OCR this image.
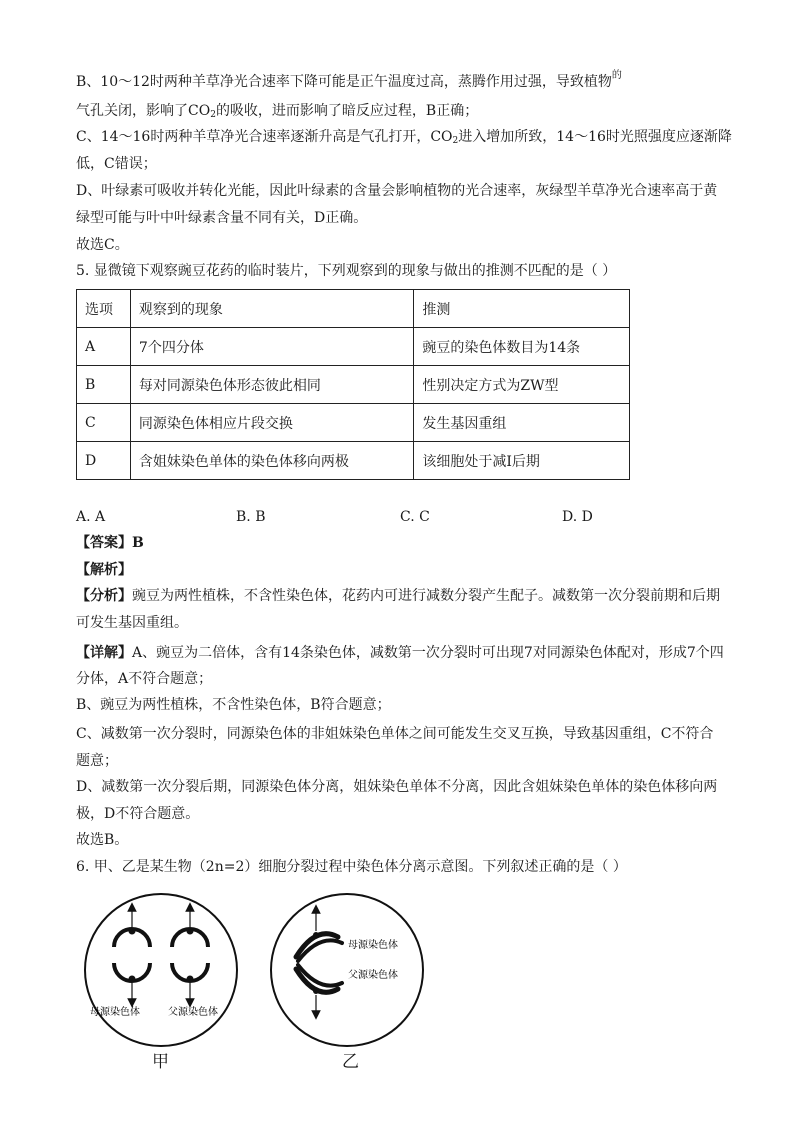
B、10～12时两种羊草净光合速率下降可能是正午温度过高，蒸腾作用过强，导致植物$^的$
气孔关闭，影响了$CO_2$的吸收，进而影响了暗反应过程，B正确；
C、14～16时两种羊草净光合速率逐渐升高是气孔打开，$CO_2$进入增加所致，14～16时光照强度应逐渐降
低，C错误；
D、叶绿素可吸收并转化光能，因此叶绿素的含量会影响植物的光合速率，灰绿型羊草净光合速率高于黄
绿型可能与叶中叶绿素含量不同有关，D正确。
故选C。
5. 显微镜下观察豌豆花药的临时装片，下列观察到的现象与做出的推测不匹配的是（ ）
选项	观察到的现象	推测
A	7个四分体	豌豆的染色体数目为14条
B	每对同源染色体形态彼此相同	性别决定方式为ZW型
C	同源染色体相应片段交换	发生基因重组
D	含姐妹染色单体的染色体移向两极	该细胞处于减Ⅰ后期
A. A	B. B	C. C	D. D
【答案】B
【解析】
【分析】豌豆为两性植株，不含性染色体，花药内可进行减数分裂产生配子。减数第一次分裂前期和后期
可发生基因重组。
【详解】A、豌豆为二倍体，含有14条染色体，减数第一次分裂时可出现7对同源染色体配对，形成7个四
分体，A不符合题意；
B、豌豆为两性植株，不含性染色体，B符合题意；
C、减数第一次分裂时，同源染色体的非姐妹染色单体之间可能发生交叉互换，导致基因重组，C不符合
题意；
D、减数第一次分裂后期，同源染色体分离，姐妹染色单体不分离，因此含姐妹染色单体的染色体移向两
极，D不符合题意。
故选B。
6. 甲、乙是某生物（2n=2）细胞分裂过程中染色体分离示意图。下列叙述正确的是（ ）
母源染色体	父源染色体
母源染色体
父源染色体
甲	乙
